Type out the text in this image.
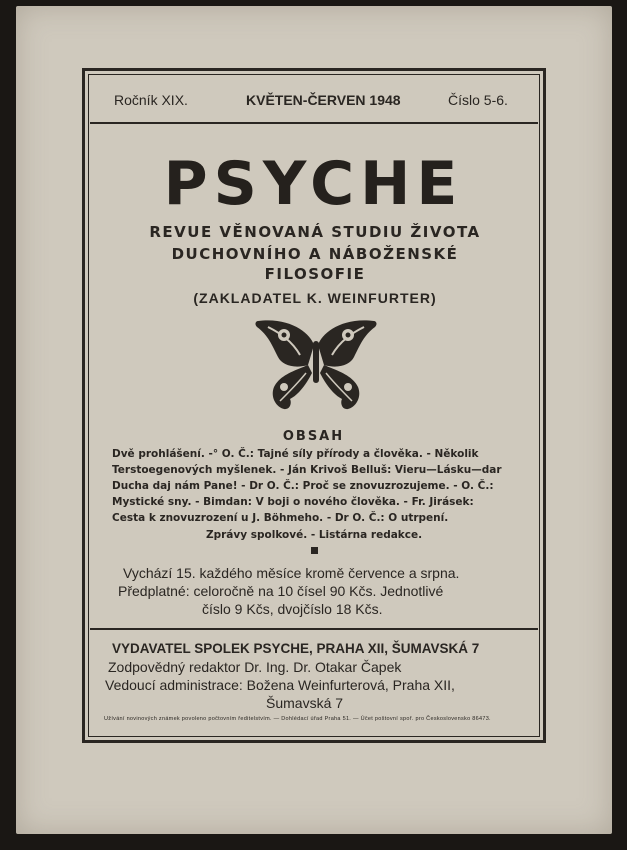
Ročník XIX.	KVĚTEN-ČERVEN 1948	Číslo 5-6.
PSYCHE
REVUE VĚNOVANÁ STUDIU ŽIVOTA
DUCHOVNÍHO A NÁBOŽENSKÉ
FILOSOFIE
(ZAKLADATEL K. WEINFURTER)
OBSAH
Dvě prohlášení. -° O. Č.: Tajné síly přírody a člověka. - Několik
Terstoegenových myšlenek. - Ján Krivoš Belluš: Vieru—Lásku—dar
Ducha daj nám Pane! - Dr O. Č.: Proč se znovuzrozujeme. - O. Č.:
Mystické sny. - Bimdan: V boji o nového člověka. - Fr. Jirásek:
Cesta k znovuzrození u J. Böhmeho. - Dr O. Č.: O utrpení.
Zprávy spolkové. - Listárna redakce.
Vychází 15. každého měsíce kromě července a srpna.
Předplatné: celoročně na 10 čísel 90 Kčs. Jednotlivé
číslo 9 Kčs, dvojčíslo 18 Kčs.
VYDAVATEL SPOLEK PSYCHE, PRAHA XII, ŠUMAVSKÁ 7
Zodpovědný redaktor Dr. Ing. Dr. Otakar Čapek
Vedoucí administrace: Božena Weinfurterová, Praha XII,
Šumavská 7
Užívání novinových známek povoleno počtovním ředitelstvím. — Dohlédací úřad Praha 51. — Účet poštovní spoř. pro Československo 86473.
